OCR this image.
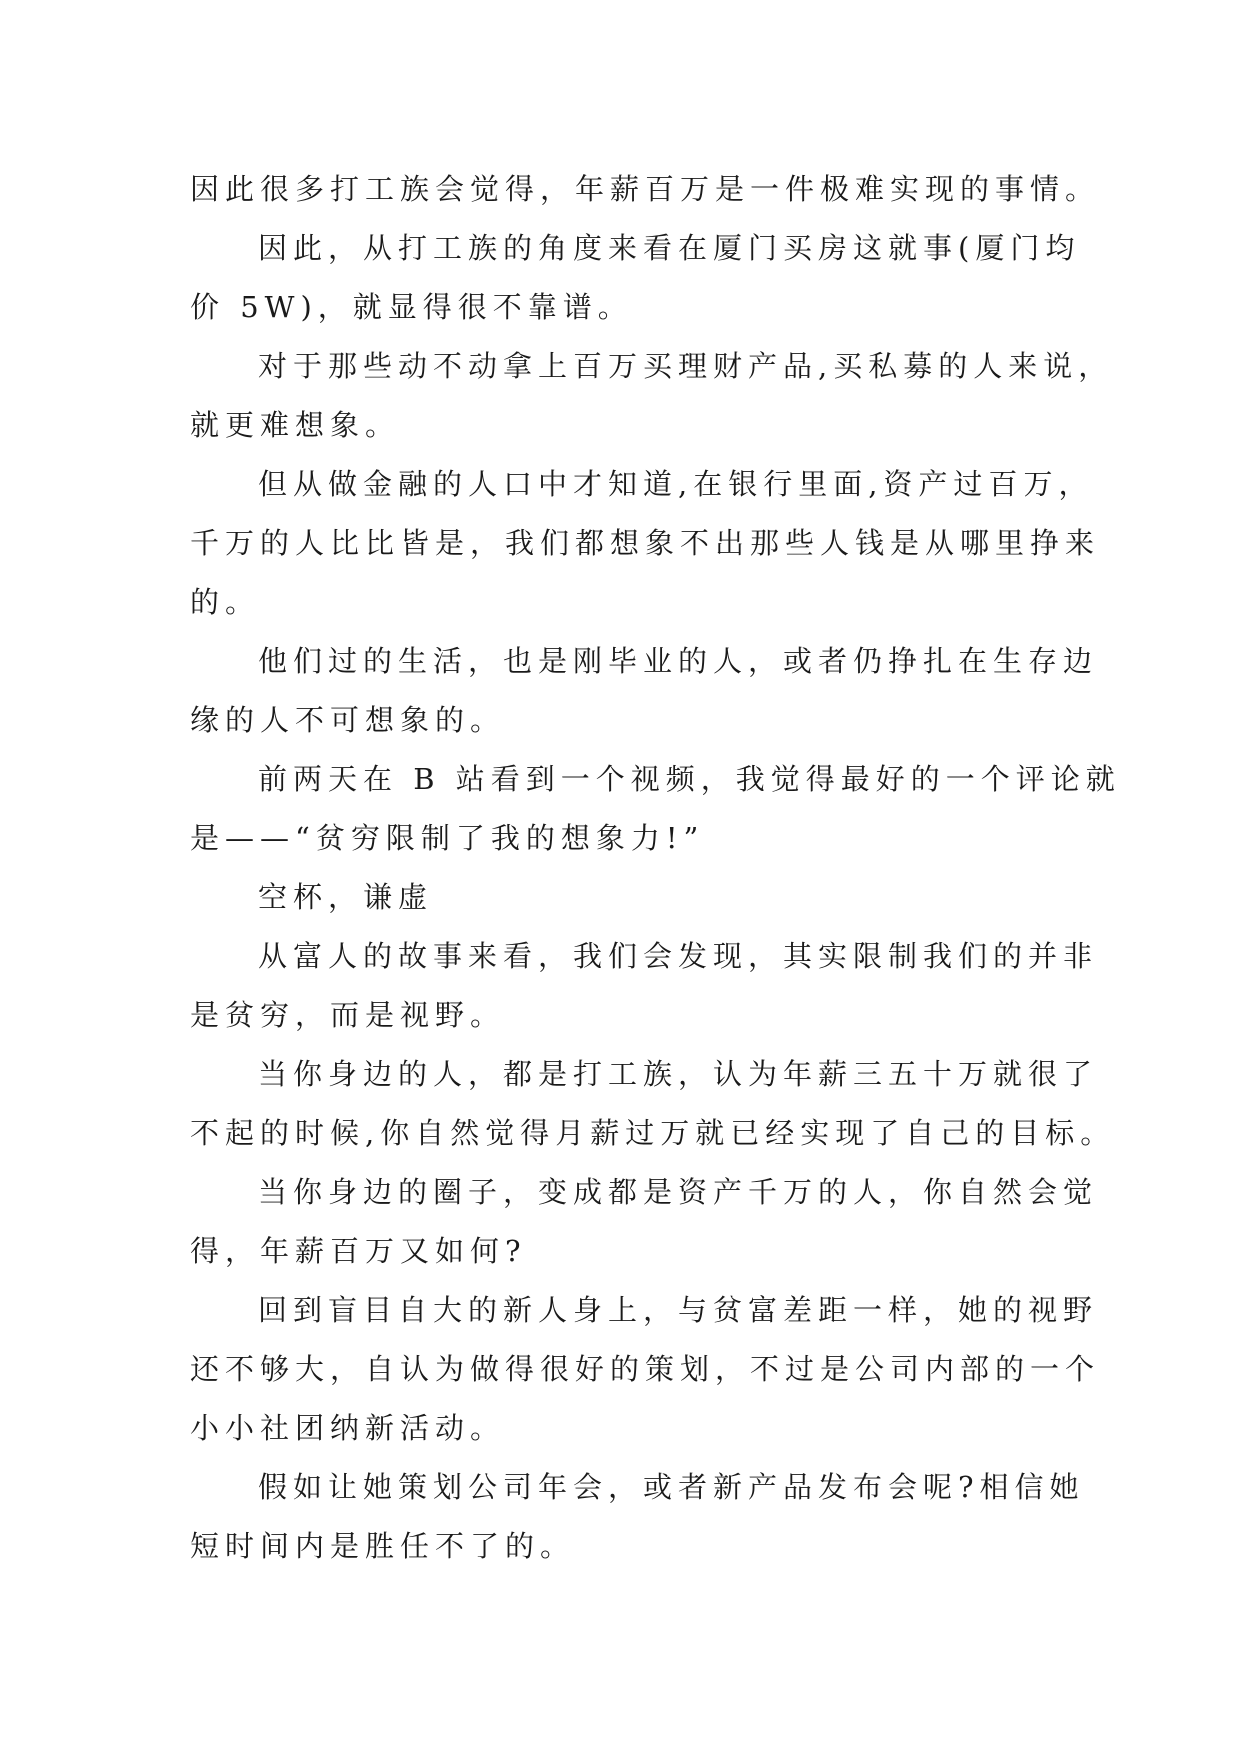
因此很多打工族会觉得，年薪百万是一件极难实现的事情。
因此，从打工族的角度来看在厦门买房这就事(厦门均
价 5W)，就显得很不靠谱。
对于那些动不动拿上百万买理财产品,买私募的人来说，
就更难想象。
但从做金融的人口中才知道,在银行里面,资产过百万，
千万的人比比皆是，我们都想象不出那些人钱是从哪里挣来
的。
他们过的生活，也是刚毕业的人，或者仍挣扎在生存边
缘的人不可想象的。
前两天在 B 站看到一个视频，我觉得最好的一个评论就
是——“贫穷限制了我的想象力!”
空杯，谦虚
从富人的故事来看，我们会发现，其实限制我们的并非
是贫穷，而是视野。
当你身边的人，都是打工族，认为年薪三五十万就很了
不起的时候,你自然觉得月薪过万就已经实现了自己的目标。
当你身边的圈子，变成都是资产千万的人，你自然会觉
得，年薪百万又如何?
回到盲目自大的新人身上，与贫富差距一样，她的视野
还不够大，自认为做得很好的策划，不过是公司内部的一个
小小社团纳新活动。
假如让她策划公司年会，或者新产品发布会呢?相信她
短时间内是胜任不了的。
